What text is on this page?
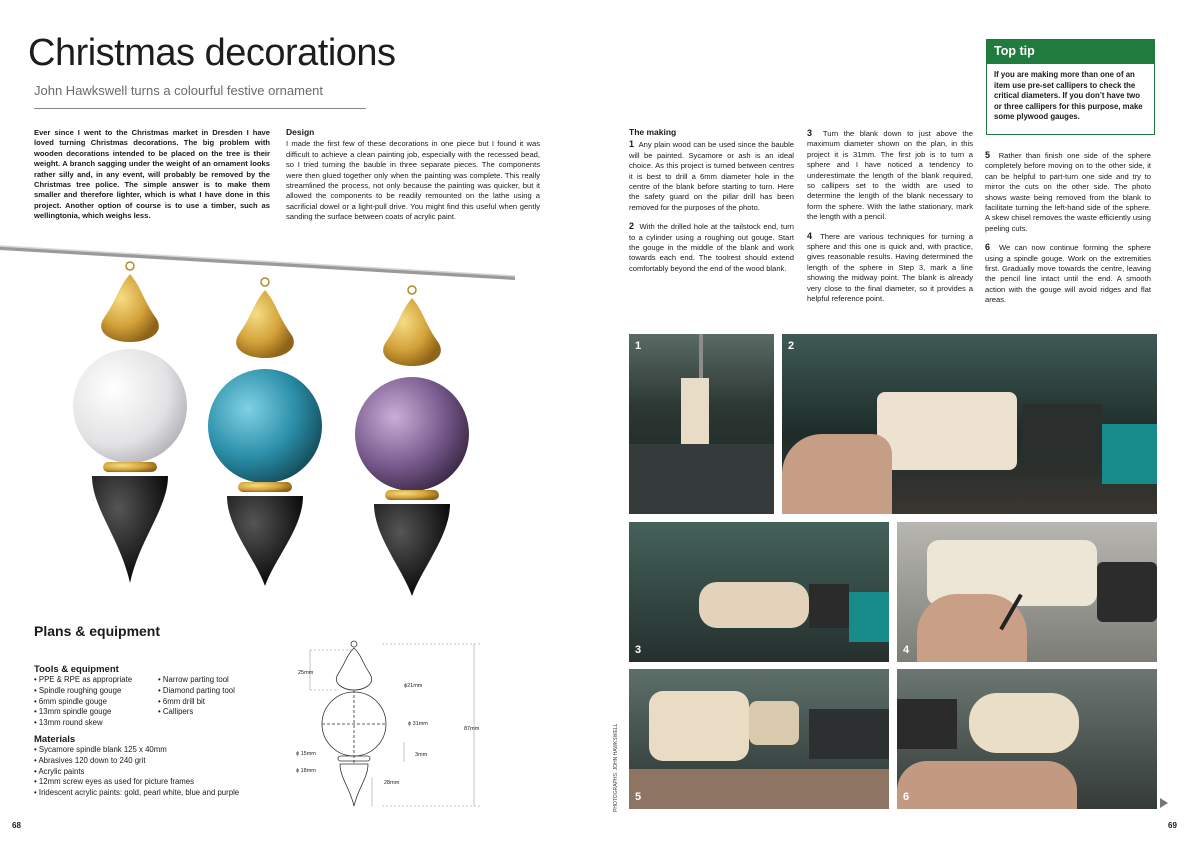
Christmas decorations
John Hawkswell turns a colourful festive ornament
Ever since I went to the Christmas market in Dresden I have loved turning Christmas decorations. The big problem with wooden decorations intended to be placed on the tree is their weight. A branch sagging under the weight of an ornament looks rather silly and, in any event, will probably be removed by the Christmas tree police. The simple answer is to make them smaller and therefore lighter, which is what I have done in this project. Another option of course is to use a timber, such as wellingtonia, which weighs less.
Design
I made the first few of these decorations in one piece but I found it was difficult to achieve a clean painting job, especially with the recessed bead, so I tried turning the bauble in three separate pieces. The components were then glued together only when the painting was complete. This really streamlined the process, not only because the painting was quicker, but it allowed the components to be readily remounted on the lathe using a sacrificial dowel or a light-pull drive. You might find this useful when gently sanding the surface between coats of acrylic paint.
Plans & equipment
Tools & equipment
• PPE & RPE as appropriate
• Spindle roughing gouge
• 6mm spindle gouge
• 13mm spindle gouge
• 13mm round skew
• Narrow parting tool
• Diamond parting tool
• 6mm drill bit
• Callipers
Materials
• Sycamore spindle blank 125 x 40mm
• Abrasives 120 down to 240 grit
• Acrylic paints
• 12mm screw eyes as used for picture frames
• Iridescent acrylic paints: gold, pearl white, blue and purple
25mm
ϕ21mm
ϕ 31mm
87mm
ϕ 15mm	3mm
ϕ 18mm
28mm
68
Top tip
If you are making more than one of an item use pre-set callipers to check the critical diameters. If you don’t have two or three callipers for this purpose, make some plywood gauges.
The making

1 Any plain wood can be used since the bauble will be painted. Sycamore or ash is an ideal choice. As this project is turned between centres it is best to drill a 6mm diameter hole in the centre of the blank before starting to turn. Here the safety guard on the pillar drill has been removed for the purposes of the photo.

2 With the drilled hole at the tailstock end, turn to a cylinder using a roughing out gouge. Start the gouge in the middle of the blank and work towards each end. The toolrest should extend comfortably beyond the end of the wood blank.

3 Turn the blank down to just above the maximum diameter shown on the plan, in this project it is 31mm. The first job is to turn a sphere and I have noticed a tendency to underestimate the length of the blank required, so callipers set to the width are used to determine the length of the blank necessary to form the sphere. With the lathe stationary, mark the length with a pencil.

4 There are various techniques for turning a sphere and this one is quick and, with practice, gives reasonable results. Having determined the length of the sphere in Step 3, mark a line showing the midway point. The blank is already very close to the final diameter, so it provides a helpful reference point.

5 Rather than finish one side of the sphere completely before moving on to the other side, it can be helpful to part-turn one side and try to mirror the cuts on the other side. The photo shows waste being removed from the blank to facilitate turning the left-hand side of the sphere. A skew chisel removes the waste efficiently using peeling cuts.

6 We can now continue forming the sphere using a spindle gouge. Work on the extremities first. Gradually move towards the centre, leaving the pencil line intact until the end. A smooth action with the gouge will avoid ridges and flat areas.

1	2
3	4
5	6
PHOTOGRAPHS: JOHN HAWKSWELL
69
